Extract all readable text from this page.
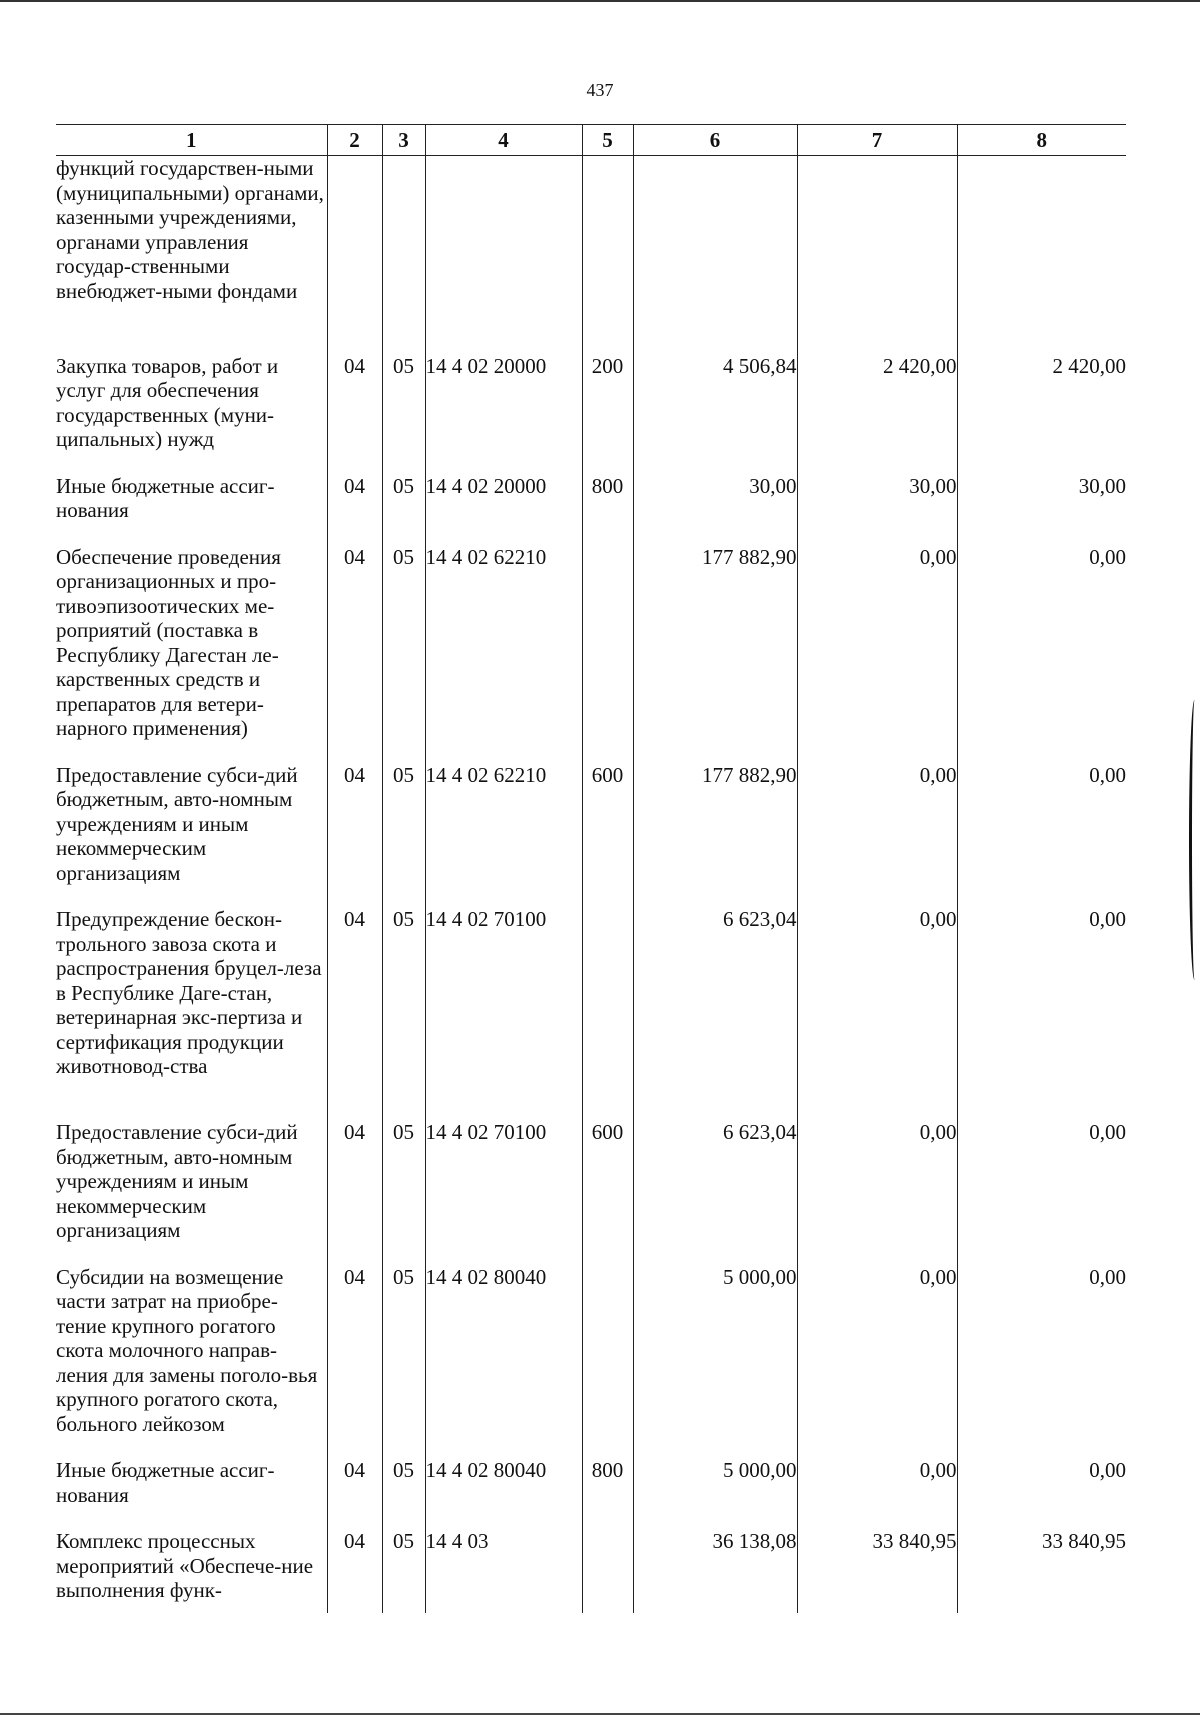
437
1	2	3	4	5	6	7	8
функций государствен-ными (муниципальными) органами, казенными учреждениями, органами управления государ-ственными внебюджет-ными фондами							
Закупка товаров, работ и услуг для обеспечения государственных (муни-ципальных) нужд	04	05	14 4 02 20000	200	4 506,84	2 420,00	2 420,00
Иные бюджетные ассиг-нования	04	05	14 4 02 20000	800	30,00	30,00	30,00
Обеспечение проведения организационных и про-тивоэпизоотических ме-роприятий (поставка в Республику Дагестан ле-карственных средств и препаратов для ветери-нарного применения)	04	05	14 4 02 62210		177 882,90	0,00	0,00
Предоставление субси-дий бюджетным, авто-номным учреждениям и иным некоммерческим организациям	04	05	14 4 02 62210	600	177 882,90	0,00	0,00
Предупреждение бескон-трольного завоза скота и распространения бруцел-леза в Республике Даге-стан, ветеринарная экс-пертиза и сертификация продукции животновод-ства	04	05	14 4 02 70100		6 623,04	0,00	0,00
Предоставление субси-дий бюджетным, авто-номным учреждениям и иным некоммерческим организациям	04	05	14 4 02 70100	600	6 623,04	0,00	0,00
Субсидии на возмещение части затрат на приобре-тение крупного рогатого скота молочного направ-ления для замены поголо-вья крупного рогатого скота, больного лейкозом	04	05	14 4 02 80040		5 000,00	0,00	0,00
Иные бюджетные ассиг-нования	04	05	14 4 02 80040	800	5 000,00	0,00	0,00
Комплекс процессных мероприятий «Обеспече-ние выполнения функ-	04	05	14 4 03		36 138,08	33 840,95	33 840,95
